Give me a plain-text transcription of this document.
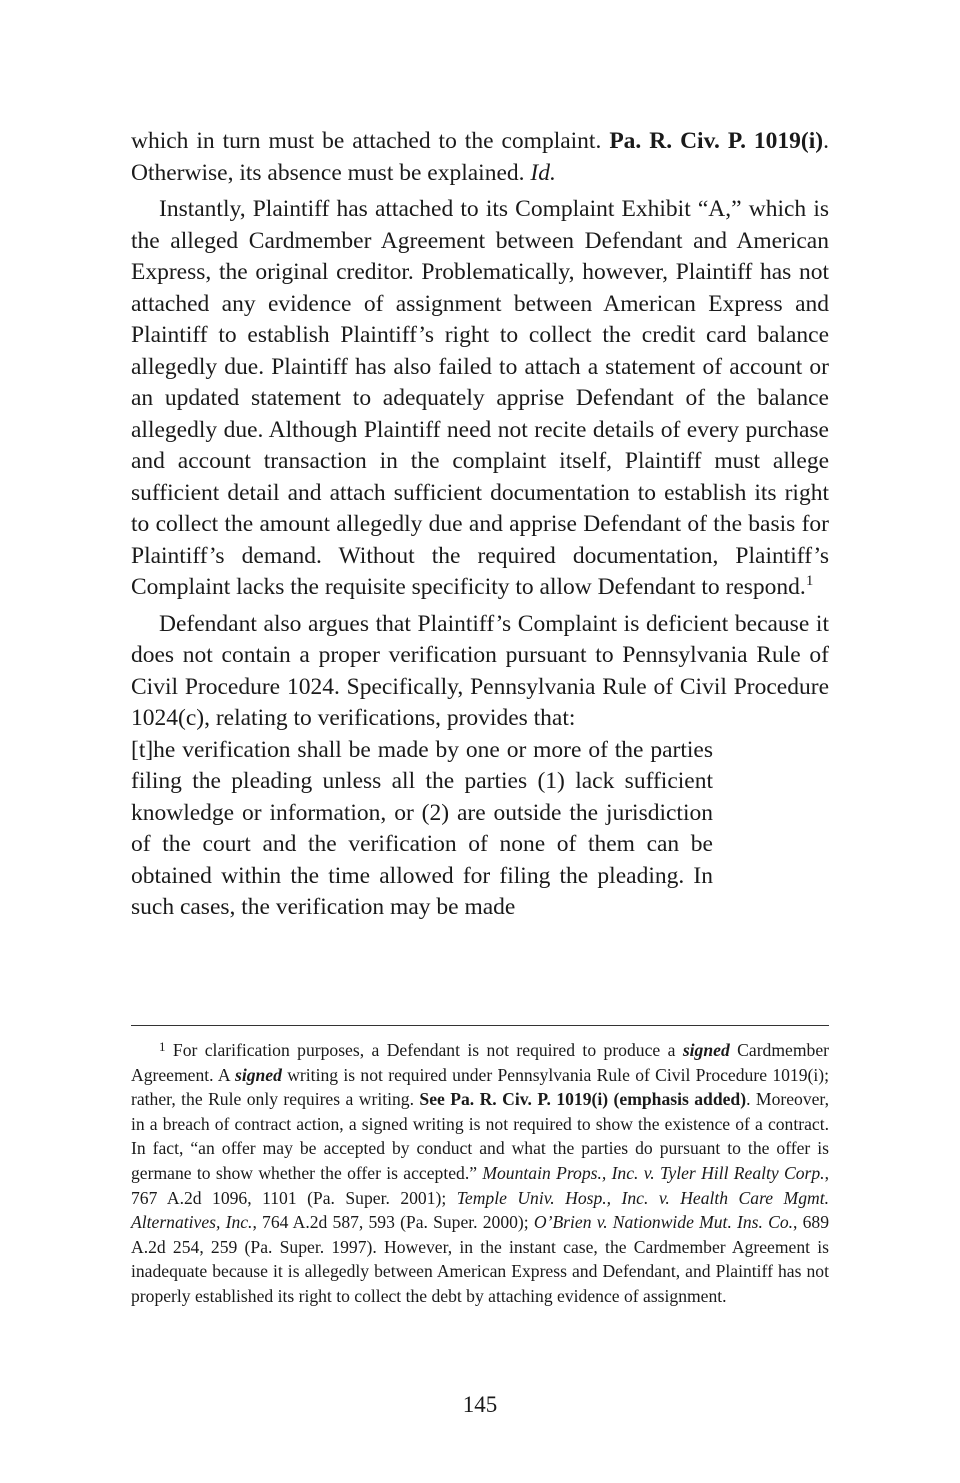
which in turn must be attached to the complaint. Pa. R. Civ. P. 1019(i). Otherwise, its absence must be explained. Id.

Instantly, Plaintiff has attached to its Complaint Exhibit “A,” which is the alleged Cardmember Agreement between Defendant and American Express, the original creditor. Problematically, however, Plaintiff has not attached any evidence of assignment between American Express and Plaintiff to establish Plaintiff’s right to collect the credit card balance allegedly due. Plaintiff has also failed to attach a statement of account or an updated statement to adequately apprise Defendant of the balance allegedly due. Although Plaintiff need not recite details of every purchase and account transaction in the complaint itself, Plaintiff must allege sufficient detail and attach sufficient documentation to establish its right to collect the amount allegedly due and apprise Defendant of the basis for Plaintiff’s demand. Without the required documentation, Plaintiff’s Complaint lacks the requisite specificity to allow Defendant to respond.$^1$

Defendant also argues that Plaintiff’s Complaint is deficient because it does not contain a proper verification pursuant to Pennsylvania Rule of Civil Procedure 1024. Specifically, Pennsylvania Rule of Civil Procedure 1024(c), relating to verifications, provides that:

[t]he verification shall be made by one or more of the parties filing the pleading unless all the parties (1) lack sufficient knowledge or information, or (2) are outside the jurisdiction of the court and the verification of none of them can be obtained within the time allowed for filing the pleading. In such cases, the verification may be made

$^1$ For clarification purposes, a Defendant is not required to produce a signed Cardmember Agreement. A signed writing is not required under Pennsylvania Rule of Civil Procedure 1019(i); rather, the Rule only requires a writing. See Pa. R. Civ. P. 1019(i) (emphasis added). Moreover, in a breach of contract action, a signed writing is not required to show the existence of a contract. In fact, “an offer may be accepted by conduct and what the parties do pursuant to the offer is germane to show whether the offer is accepted.” Mountain Props., Inc. v. Tyler Hill Realty Corp., 767 A.2d 1096, 1101 (Pa. Super. 2001); Temple Univ. Hosp., Inc. v. Health Care Mgmt. Alternatives, Inc., 764 A.2d 587, 593 (Pa. Super. 2000); O’Brien v. Nationwide Mut. Ins. Co., 689 A.2d 254, 259 (Pa. Super. 1997). However, in the instant case, the Cardmember Agreement is inadequate because it is allegedly between American Express and Defendant, and Plaintiff has not properly established its right to collect the debt by attaching evidence of assignment.

145
